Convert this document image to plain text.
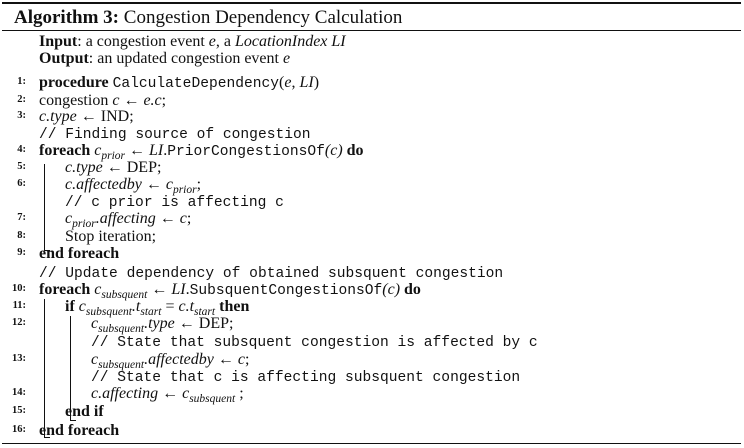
Algorithm 3: Congestion Dependency Calculation
Input: a congestion event e, a LocationIndex LI
Output: an updated congestion event e
1: procedure CalculateDependency(e, LI)
2: congestion c ← e.c;
3: c.type ← IND;
// Finding source of congestion
4: foreach $c_{prior}$ ← LI.PriorCongestionsOf(c) do
5: c.type ← DEP;
6: c.affectedby ← $c_{prior}$;
// c prior is affecting c
7: $c_{prior}.affecting$ ← c;
8: Stop iteration;
9: end foreach
// Update dependency of obtained subsquent congestion
10: foreach $c_{subsquent}$ ← LI.SubsquentCongestionsOf(c) do
11: if $c_{subsquent}.t_{start} = c.t_{start}$ then
12:	$c_{subsquent}.type$ ← DEP;
// State that subsquent congestion is affected by c
13:	$c_{subsquent}.affectedby$ ← c;
// State that c is affecting subsquent congestion
14:	c.affecting ← $c_{subsquent}$ ;
15: end if
16: end foreach
